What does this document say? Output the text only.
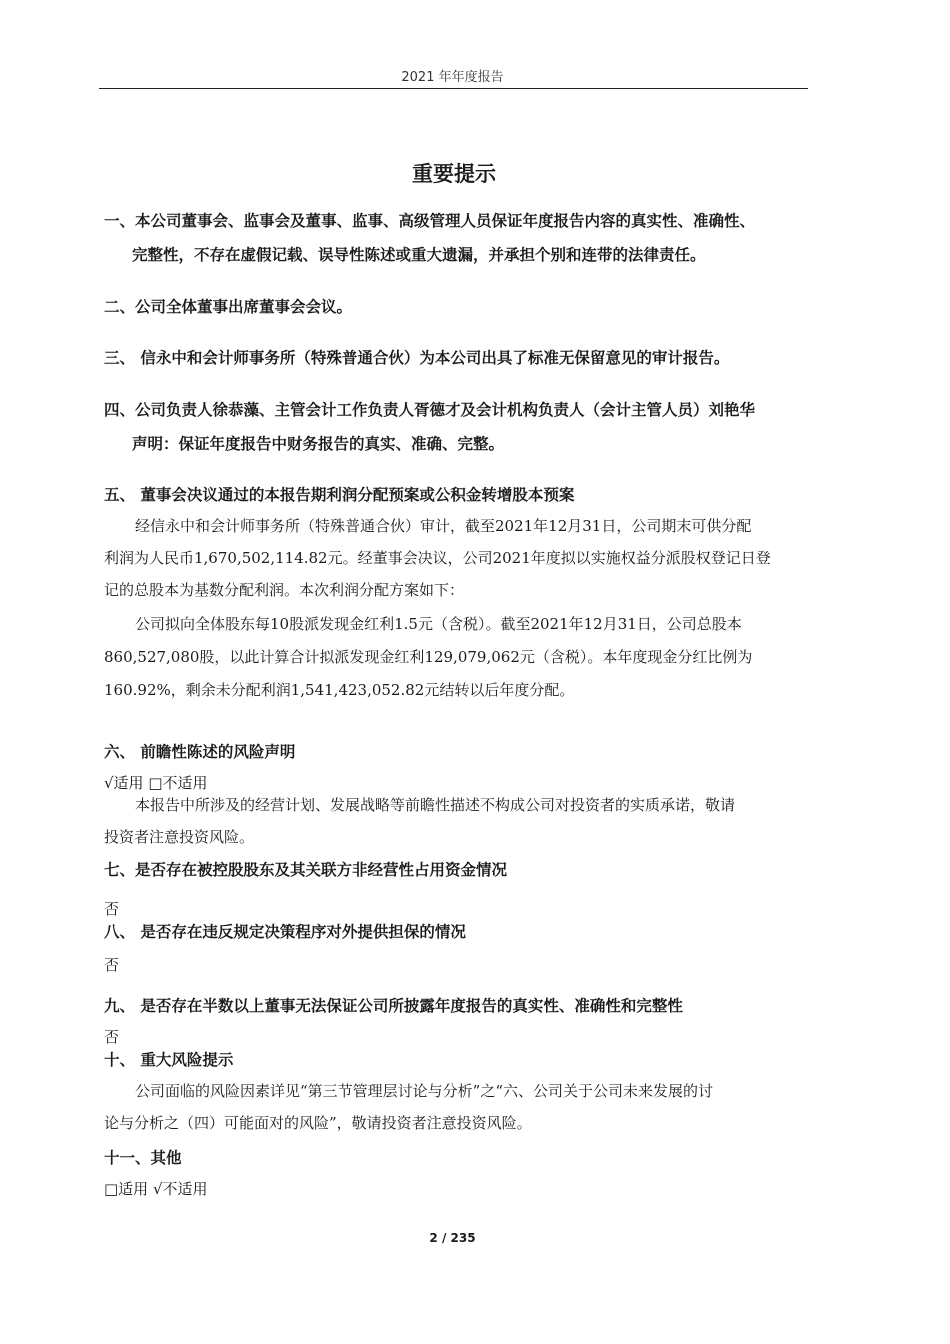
2021 年年度报告
重要提示
一、本公司董事会、监事会及董事、监事、高级管理人员保证年度报告内容的真实性、准确性、
完整性，不存在虚假记载、误导性陈述或重大遗漏，并承担个别和连带的法律责任。
二、公司全体董事出席董事会会议。
三、 信永中和会计师事务所（特殊普通合伙）为本公司出具了标准无保留意见的审计报告。
四、公司负责人徐恭藻、主管会计工作负责人胥德才及会计机构负责人（会计主管人员）刘艳华
声明：保证年度报告中财务报告的真实、准确、完整。
五、 董事会决议通过的本报告期利润分配预案或公积金转增股本预案
经信永中和会计师事务所（特殊普通合伙）审计，截至2021年12月31日，公司期末可供分配
利润为人民币1,670,502,114.82元。经董事会决议，公司2021年度拟以实施权益分派股权登记日登
记的总股本为基数分配利润。本次利润分配方案如下：
公司拟向全体股东每10股派发现金红利1.5元（含税）。截至2021年12月31日，公司总股本
860,527,080股，以此计算合计拟派发现金红利129,079,062元（含税）。本年度现金分红比例为
160.92%，剩余未分配利润1,541,423,052.82元结转以后年度分配。
六、 前瞻性陈述的风险声明
√适用 □不适用
本报告中所涉及的经营计划、发展战略等前瞻性描述不构成公司对投资者的实质承诺，敬请
投资者注意投资风险。
七、是否存在被控股股东及其关联方非经营性占用资金情况
否
八、 是否存在违反规定决策程序对外提供担保的情况
否
九、 是否存在半数以上董事无法保证公司所披露年度报告的真实性、准确性和完整性
否
十、 重大风险提示
公司面临的风险因素详见“第三节管理层讨论与分析”之“六、公司关于公司未来发展的讨
论与分析之（四）可能面对的风险”，敬请投资者注意投资风险。
十一、其他
□适用 √不适用
2 / 235
